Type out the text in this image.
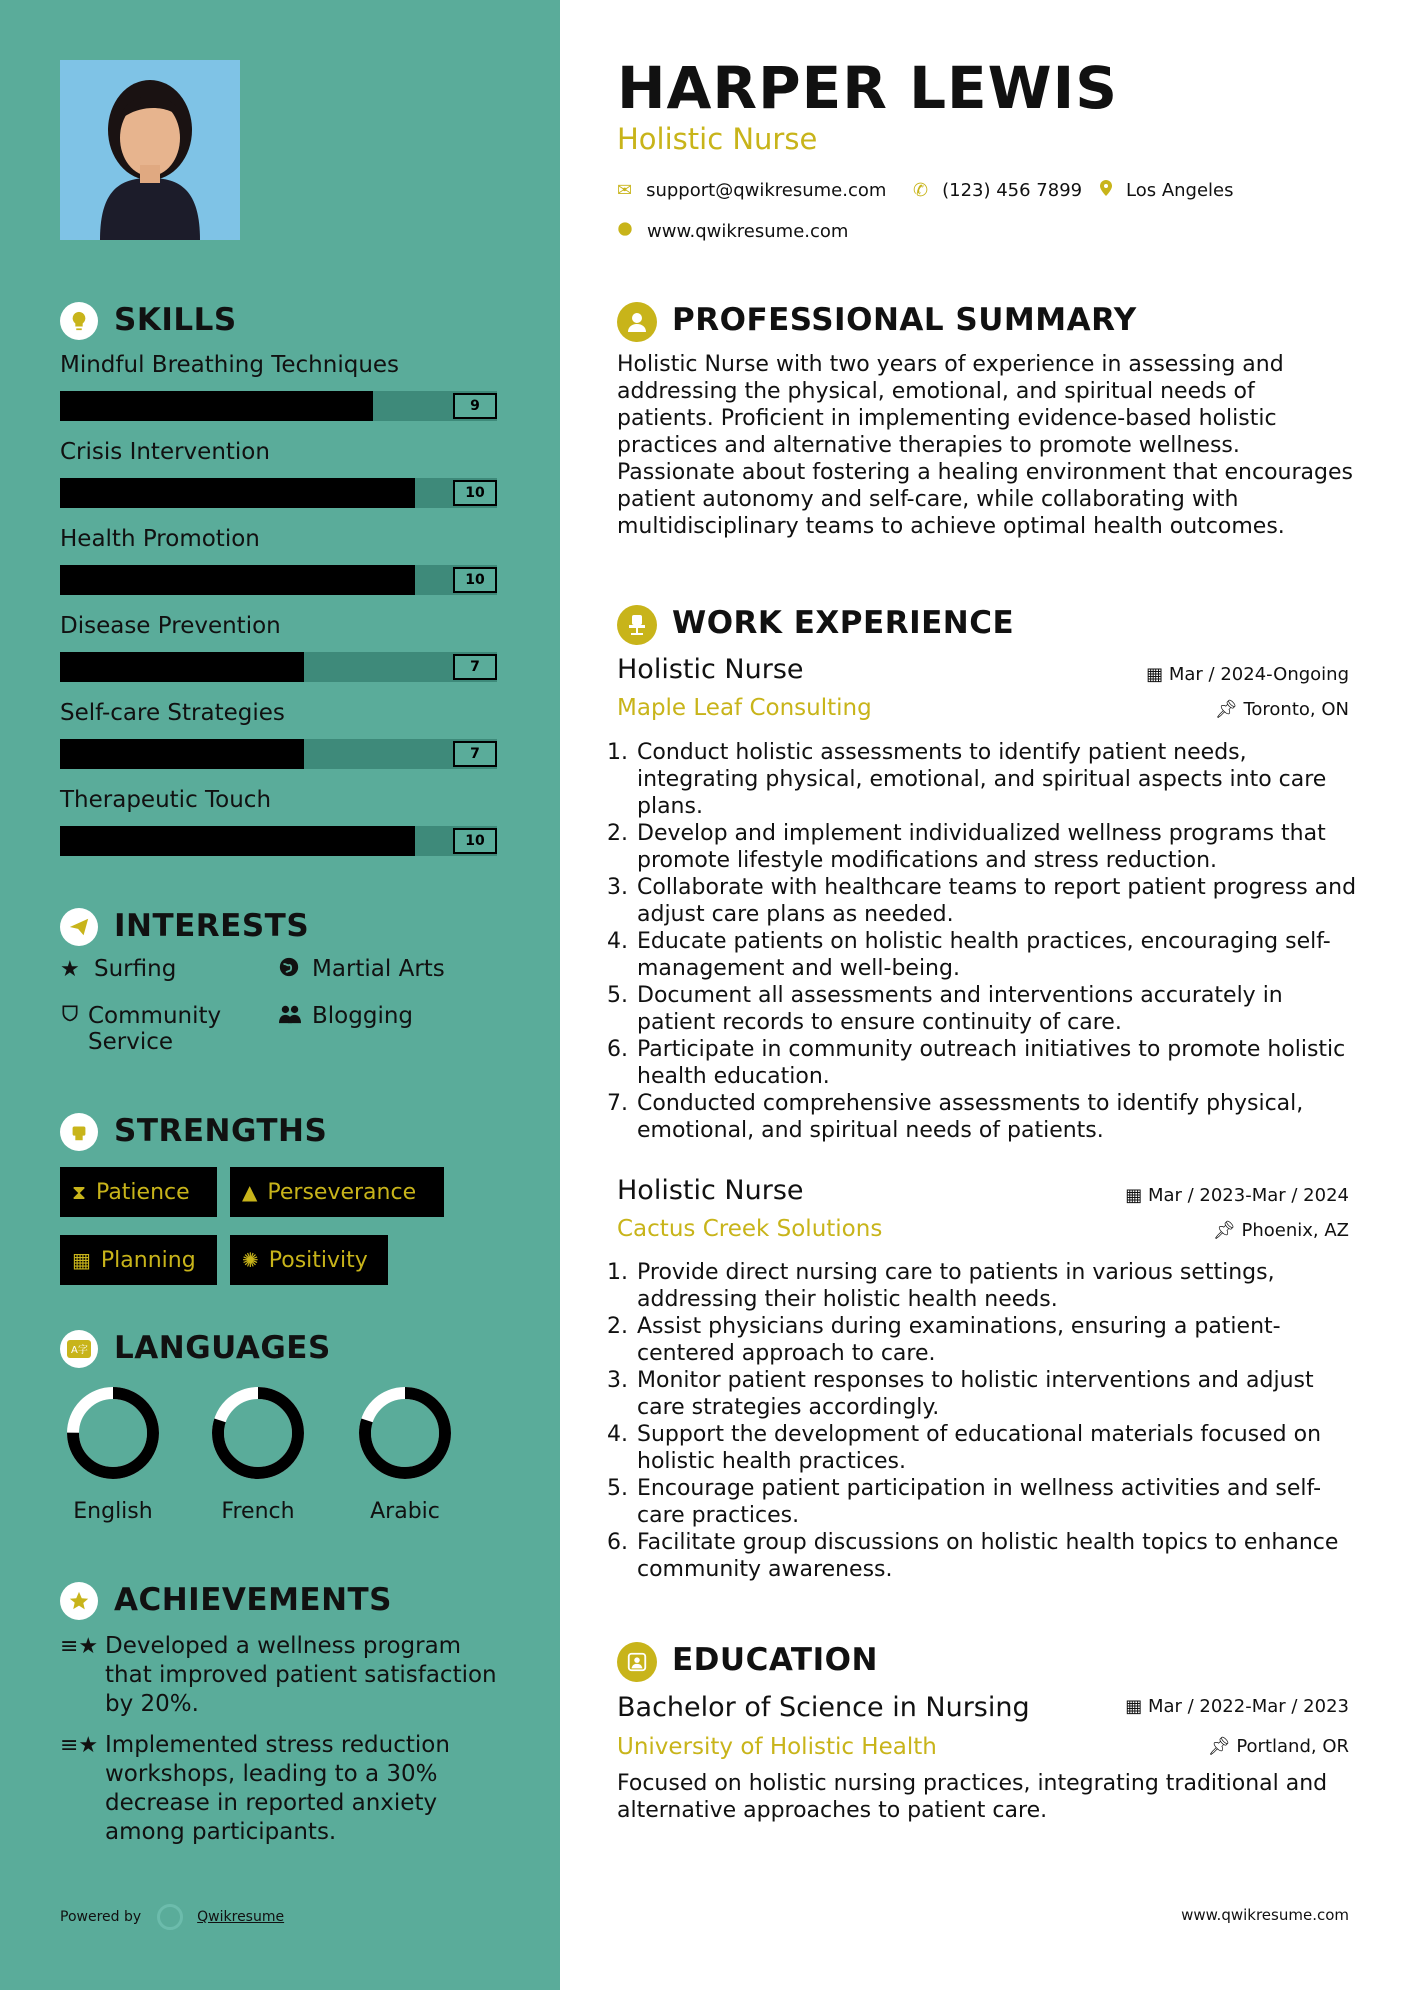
SKILLS
Mindful Breathing Techniques
9
Crisis Intervention
10
Health Promotion
10
Disease Prevention
7
Self-care Strategies
7
Therapeutic Touch
10
INTERESTS
★ Surfing	Martial Arts
Community Service
Blogging
STRENGTHS
⧗ Patience	▲ Perseverance
▦ Planning ✺ Positivity
A字 LANGUAGES
English	French	Arabic
ACHIEVEMENTS
≡★ Developed a wellness program that improved patient satisfaction by 20%.
≡★ Implemented stress reduction workshops, leading to a 30% decrease in reported anxiety among participants.
Powered by	Qwikresume
HARPER LEWIS
Holistic Nurse
✉ support@qwikresume.com ✆ (123) 456 7899 Los Angeles
www.qwikresume.com
PROFESSIONAL SUMMARY
Holistic Nurse with two years of experience in assessing and addressing the physical, emotional, and spiritual needs of patients. Proficient in implementing evidence-based holistic practices and alternative therapies to promote wellness. Passionate about fostering a healing environment that encourages patient autonomy and self-care, while collaborating with multidisciplinary teams to achieve optimal health outcomes.
WORK EXPERIENCE
Holistic Nurse	▦ Mar / 2024-Ongoing
Maple Leaf Consulting	📌︎ Toronto, ON
1. Conduct holistic assessments to identify patient needs, integrating physical, emotional, and spiritual aspects into care plans.
2. Develop and implement individualized wellness programs that promote lifestyle modifications and stress reduction.
3. Collaborate with healthcare teams to report patient progress and adjust care plans as needed.
4. Educate patients on holistic health practices, encouraging self-management and well-being.
5. Document all assessments and interventions accurately in patient records to ensure continuity of care.
6. Participate in community outreach initiatives to promote holistic health education.
7. Conducted comprehensive assessments to identify physical, emotional, and spiritual needs of patients.
Holistic Nurse	▦ Mar / 2023-Mar / 2024
Cactus Creek Solutions	📌︎ Phoenix, AZ
1. Provide direct nursing care to patients in various settings, addressing their holistic health needs.
2. Assist physicians during examinations, ensuring a patient-centered approach to care.
3. Monitor patient responses to holistic interventions and adjust care strategies accordingly.
4. Support the development of educational materials focused on holistic health practices.
5. Encourage patient participation in wellness activities and self-care practices.
6. Facilitate group discussions on holistic health topics to enhance community awareness.
EDUCATION
Bachelor of Science in Nursing	▦ Mar / 2022-Mar / 2023
University of Holistic Health	📌︎ Portland, OR
Focused on holistic nursing practices, integrating traditional and alternative approaches to patient care.
www.qwikresume.com
